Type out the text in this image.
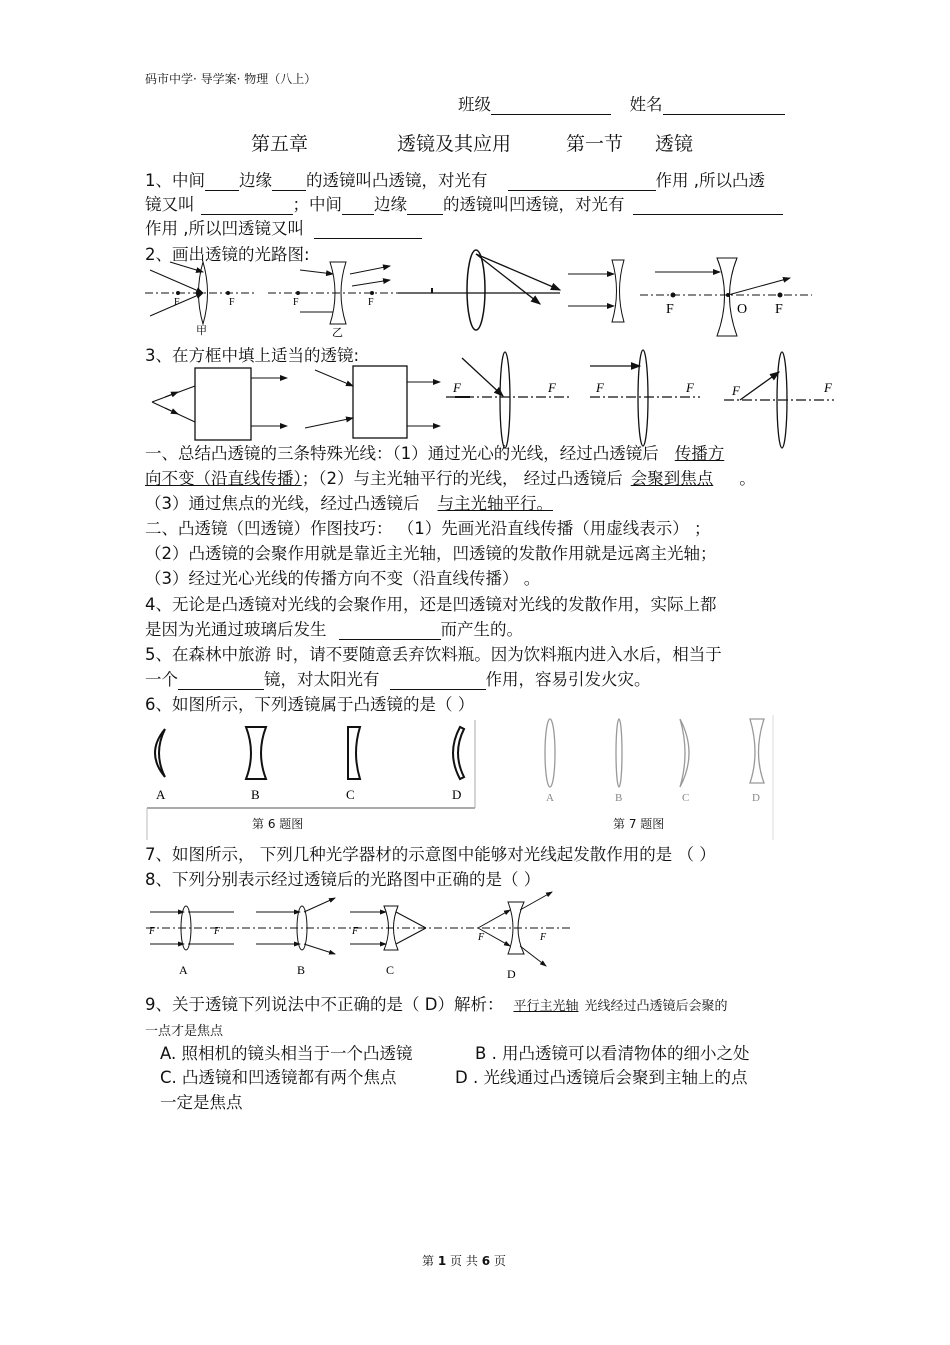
码市中学· 导学案· 物理（八上）
班级	姓名
第五章	透镜及其应用	第一节 透镜
1、中间 边缘 的透镜叫凸透镜，对光有	作用 ,所以凸透
镜又叫	；中间 边缘 的透镜叫凹透镜，对光有
作用 ,所以凹透镜又叫
2、画出透镜的光路图:
F	F
甲
F	F
乙
F	O F
3、在方框中填上适当的透镜:
F	F	F	F	F	F
一、总结凸透镜的三条特殊光线：（1）通过光心的光线，经过凸透镜后 传播方
向不变（沿直线传播）；（2）与主光轴平行的光线， 经过凸透镜后 会聚到焦点 。
（3）通过焦点的光线，经过凸透镜后 与主光轴平行。
二、凸透镜（凹透镜）作图技巧： （1）先画光沿直线传播（用虚线表示） ；
（2）凸透镜的会聚作用就是靠近主光轴，凹透镜的发散作用就是远离主光轴；
（3）经过光心光线的传播方向不变（沿直线传播） 。
4、无论是凸透镜对光线的会聚作用，还是凹透镜对光线的发散作用，实际上都
是因为光通过玻璃后发生	而产生的。
5、在森林中旅游 时，请不要随意丢弃饮料瓶。因为饮料瓶内进入水后，相当于
一个	镜，对太阳光有	作用，容易引发火灾。
6、如图所示，下列透镜属于凸透镜的是（ ）
A	B	C	D	A	B	C	D
第 6 题图	第 7 题图
7、如图所示， 下列几种光学器材的示意图中能够对光线起发散作用的是 （ ）
8、下列分别表示经过透镜后的光路图中正确的是（ ）
F	F
A	B
F
C
F	F
D
9、关于透镜下列说法中不正确的是（ D）解析： 平行主光轴 光线经过凸透镜后会聚的
一点才是焦点
A. 照相机的镜头相当于一个凸透镜	B . 用凸透镜可以看清物体的细小之处
C. 凸透镜和凹透镜都有两个焦点	D . 光线通过凸透镜后会聚到主轴上的点
一定是焦点
第 1 页 共 6 页
